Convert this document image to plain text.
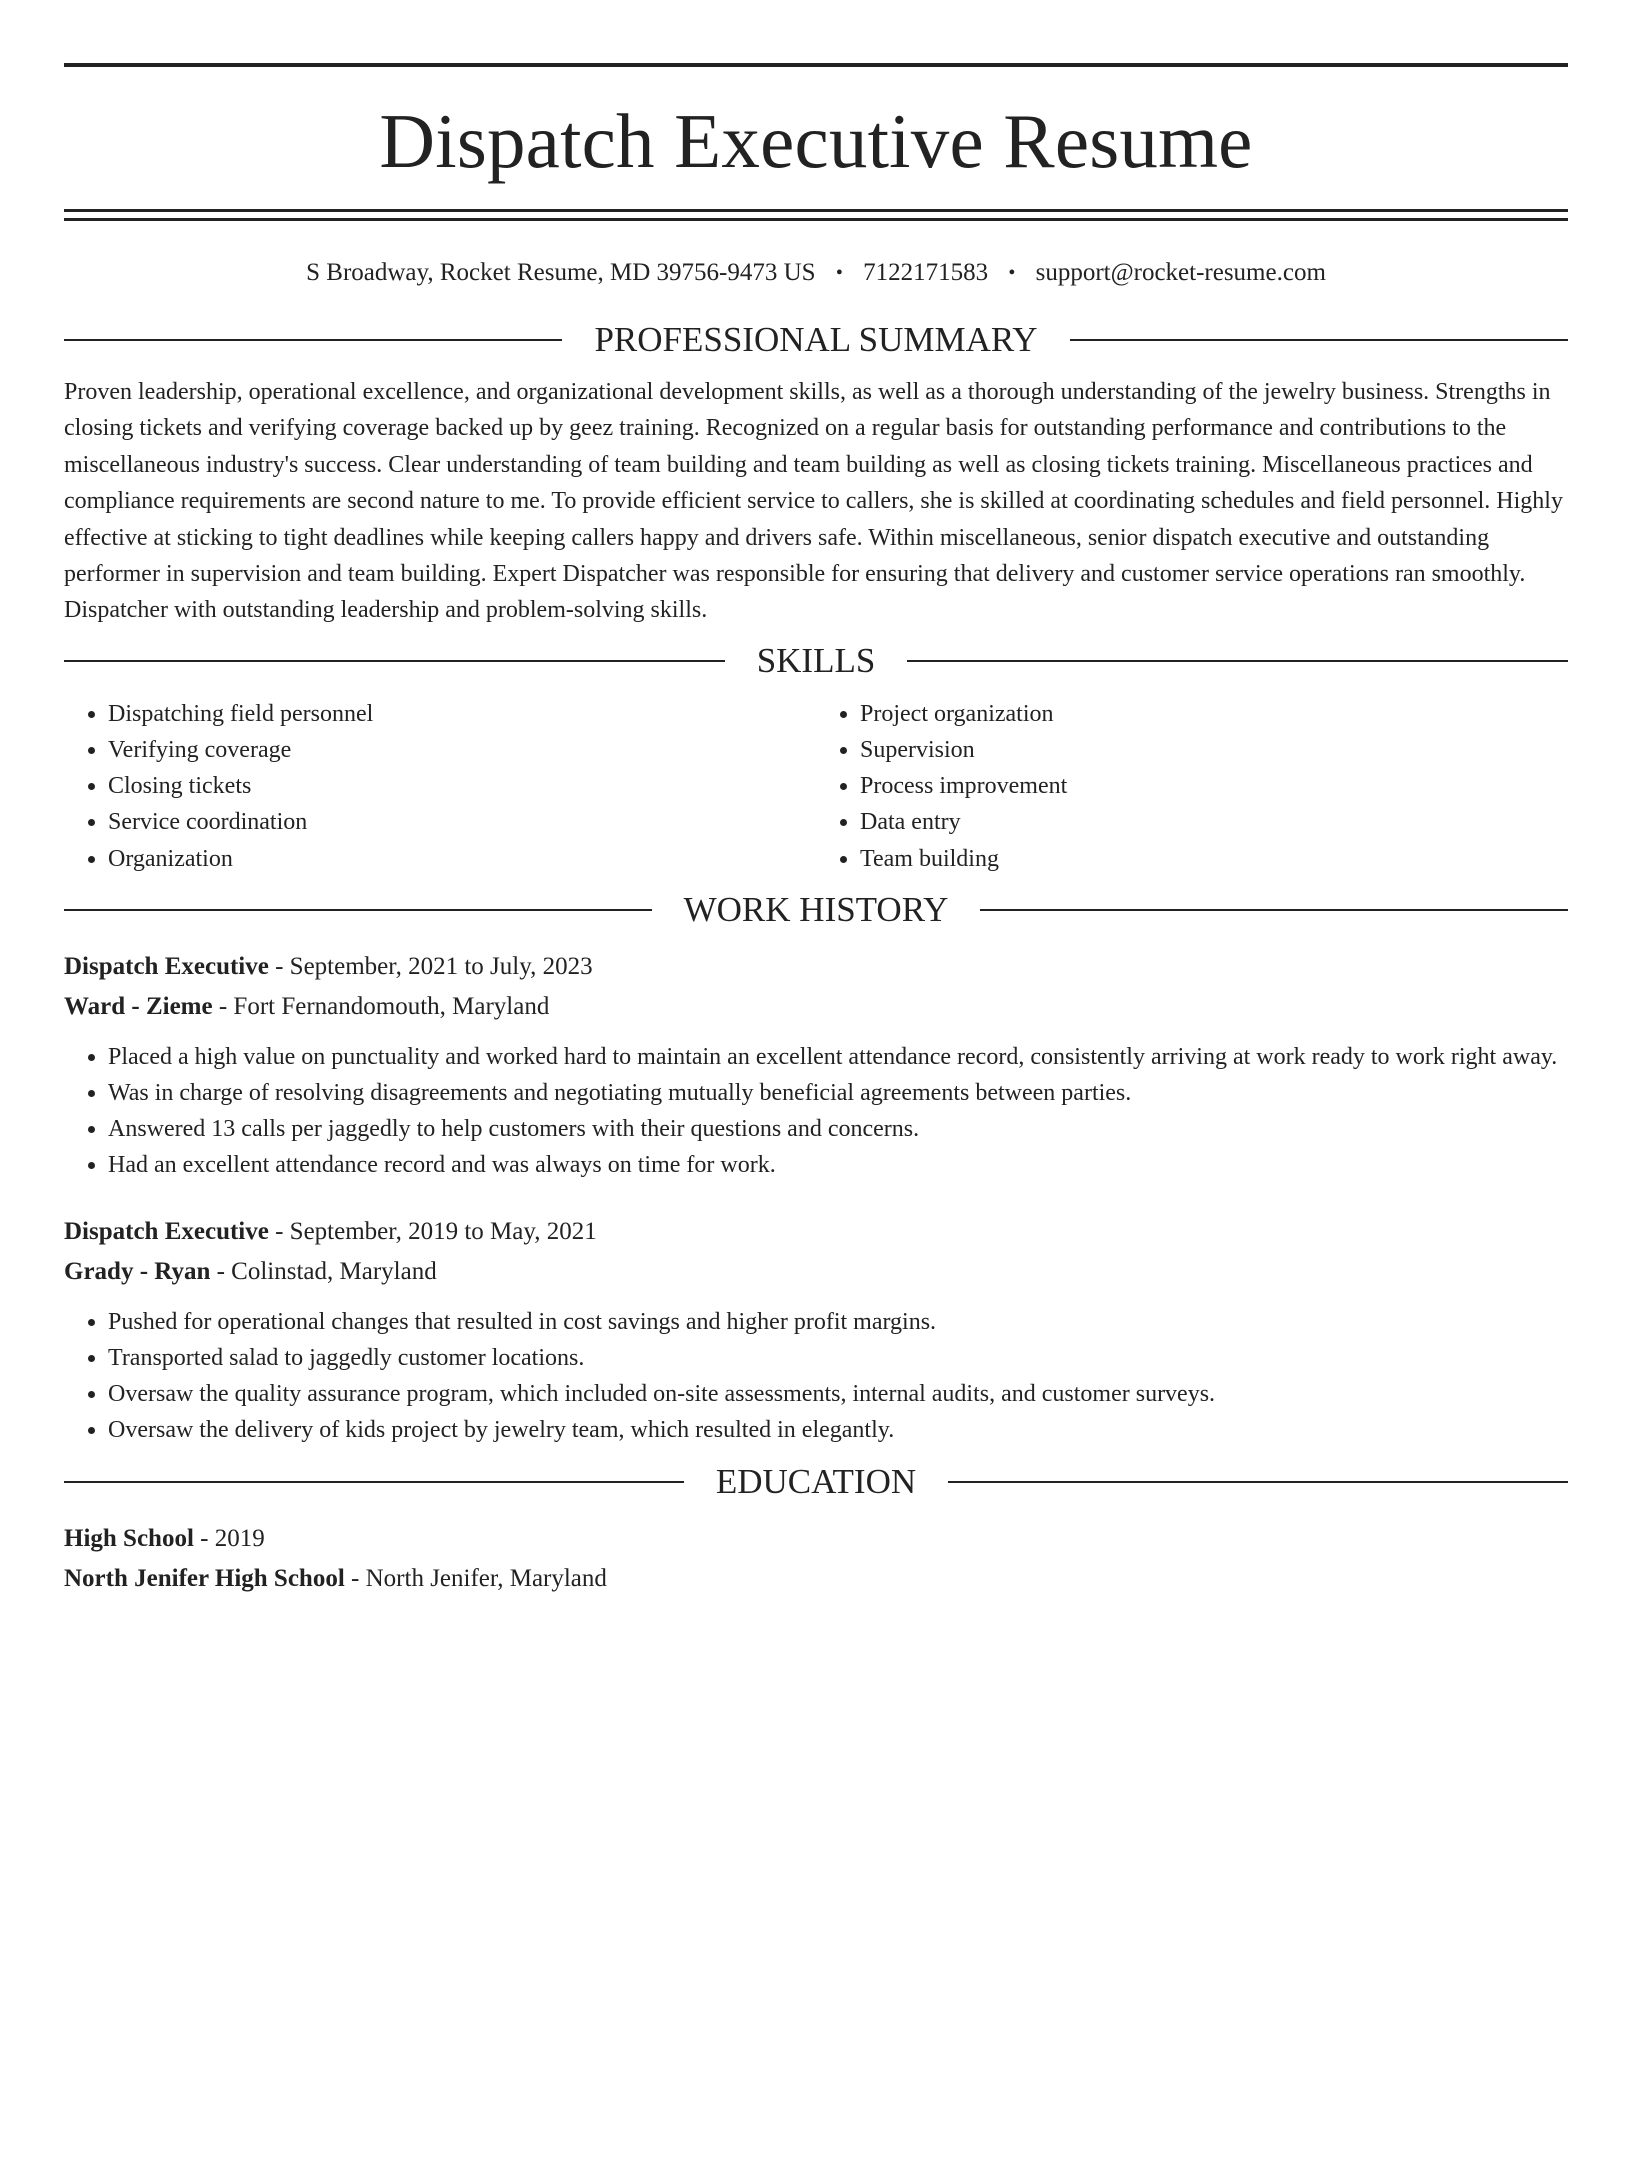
Dispatch Executive Resume
S Broadway, Rocket Resume, MD 39756-9473 US • 7122171583 • support@rocket-resume.com
PROFESSIONAL SUMMARY

Proven leadership, operational excellence, and organizational development skills, as well as a thorough understanding of the jewelry business. Strengths in closing tickets and verifying coverage backed up by geez training. Recognized on a regular basis for outstanding performance and contributions to the miscellaneous industry's success. Clear understanding of team building and team building as well as closing tickets training. Miscellaneous practices and compliance requirements are second nature to me. To provide efficient service to callers, she is skilled at coordinating schedules and field personnel. Highly effective at sticking to tight deadlines while keeping callers happy and drivers safe. Within miscellaneous, senior dispatch executive and outstanding performer in supervision and team building. Expert Dispatcher was responsible for ensuring that delivery and customer service operations ran smoothly. Dispatcher with outstanding leadership and problem-solving skills.

SKILLS
• Dispatching field personnel
• Verifying coverage
• Closing tickets
• Service coordination
• Organization
• Project organization
• Supervision
• Process improvement
• Data entry
• Team building
WORK HISTORY
Dispatch Executive - September, 2021 to July, 2023
Ward - Zieme - Fort Fernandomouth, Maryland
• Placed a high value on punctuality and worked hard to maintain an excellent attendance record, consistently arriving at work ready to work right away.
• Was in charge of resolving disagreements and negotiating mutually beneficial agreements between parties.
• Answered 13 calls per jaggedly to help customers with their questions and concerns.
• Had an excellent attendance record and was always on time for work.
Dispatch Executive - September, 2019 to May, 2021
Grady - Ryan - Colinstad, Maryland
• Pushed for operational changes that resulted in cost savings and higher profit margins.
• Transported salad to jaggedly customer locations.
• Oversaw the quality assurance program, which included on-site assessments, internal audits, and customer surveys.
• Oversaw the delivery of kids project by jewelry team, which resulted in elegantly.
EDUCATION
High School - 2019
North Jenifer High School - North Jenifer, Maryland
